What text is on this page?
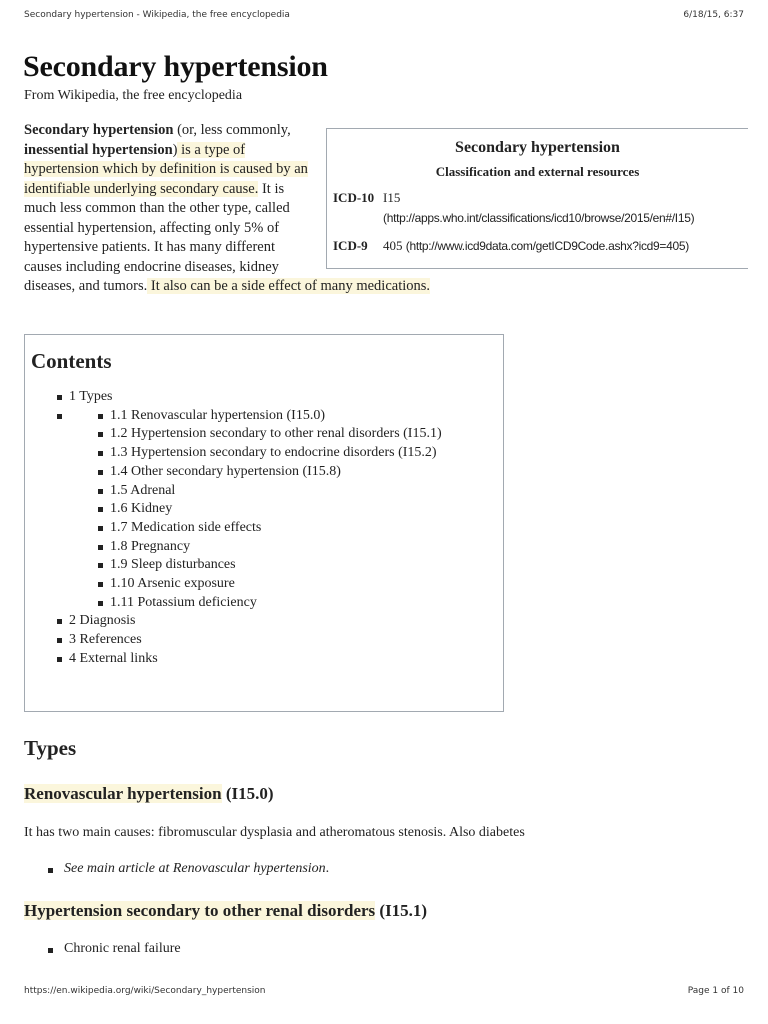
Secondary hypertension - Wikipedia, the free encyclopedia	6/18/15, 6:37
Secondary hypertension
From Wikipedia, the free encyclopedia
Secondary hypertension (or, less commonly, inessential hypertension) is a type of hypertension which by definition is caused by an identifiable underlying secondary cause. It is much less common than the other type, called essential hypertension, affecting only 5% of hypertensive patients. It has many different causes including endocrine diseases, kidney diseases, and tumors. It also can be a side effect of many medications.
Secondary hypertension
Classification and external resources
ICD-10 I15
(http://apps.who.int/classifications/icd10/browse/2015/en#/I15)
ICD-9	405 (http://www.icd9data.com/getICD9Code.ashx?icd9=405)
Contents
1 Types
1.1 Renovascular hypertension (I15.0)
1.2 Hypertension secondary to other renal disorders (I15.1)
1.3 Hypertension secondary to endocrine disorders (I15.2)
1.4 Other secondary hypertension (I15.8)
1.5 Adrenal
1.6 Kidney
1.7 Medication side effects
1.8 Pregnancy
1.9 Sleep disturbances
1.10 Arsenic exposure
1.11 Potassium deficiency
2 Diagnosis
3 References
4 External links
Types
Renovascular hypertension (I15.0)
It has two main causes: fibromuscular dysplasia and atheromatous stenosis. Also diabetes
See main article at Renovascular hypertension.
Hypertension secondary to other renal disorders (I15.1)
Chronic renal failure
https://en.wikipedia.org/wiki/Secondary_hypertension	Page 1 of 10
